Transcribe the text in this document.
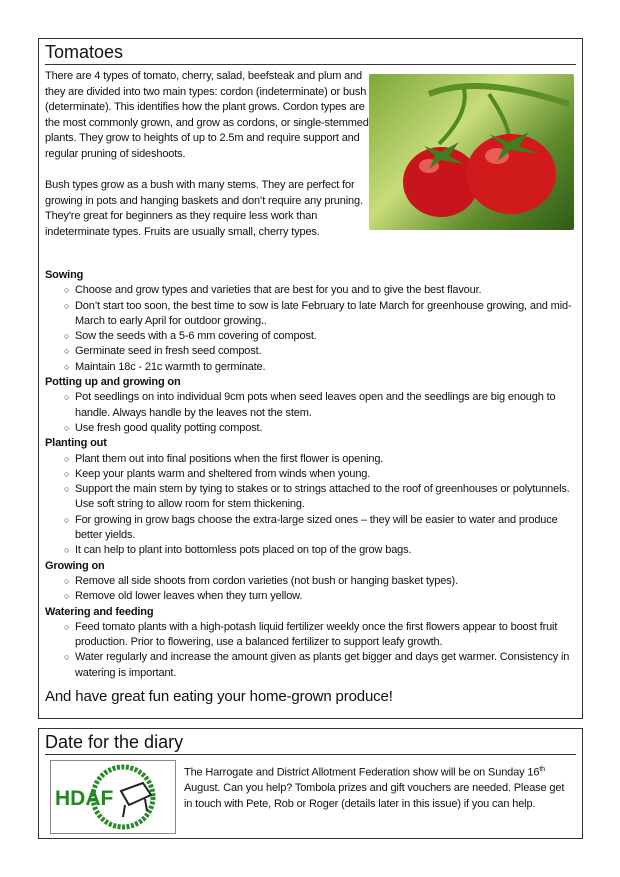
Tomatoes

There are 4 types of tomato, cherry, salad, beefsteak and plum and they are divided into two main types: cordon (indeterminate) or bush (determinate). This identifies how the plant grows. Cordon types are the most commonly grown, and grow as cordons, or single-stemmed plants. They grow to heights of up to 2.5m and require support and regular pruning of sideshoots.

Bush types grow as a bush with many stems. They are perfect for growing in pots and hanging baskets and don’t require any pruning. They're great for beginners as they require less work than indeterminate types. Fruits are usually small, cherry types.

Sowing
○ Choose and grow types and varieties that are best for you and to give the best flavour.
○ Don’t start too soon, the best time to sow is late February to late March for greenhouse growing, and mid-March to early April for outdoor growing..
○ Sow the seeds with a 5-6 mm covering of compost.
○ Germinate seed in fresh seed compost.
○ Maintain 18c - 21c warmth to germinate.
Potting up and growing on
○ Pot seedlings on into individual 9cm pots when seed leaves open and the seedlings are big enough to handle. Always handle by the leaves not the stem.
○ Use fresh good quality potting compost.
Planting out
○ Plant them out into final positions when the first flower is opening.
○ Keep your plants warm and sheltered from winds when young.
○ Support the main stem by tying to stakes or to strings attached to the roof of greenhouses or polytunnels. Use soft string to allow room for stem thickening.
○ For growing in grow bags choose the extra-large sized ones – they will be easier to water and produce better yields.
○ It can help to plant into bottomless pots placed on top of the grow bags.
Growing on
○ Remove all side shoots from cordon varieties (not bush or hanging basket types).
○ Remove old lower leaves when they turn yellow.
Watering and feeding
○ Feed tomato plants with a high-potash liquid fertilizer weekly once the first flowers appear to boost fruit production. Prior to flowering, use a balanced fertilizer to support leafy growth.
○ Water regularly and increase the amount given as plants get bigger and days get warmer. Consistency in watering is important.
And have great fun eating your home-grown produce!
Date for the diary
HDAF
The Harrogate and District Allotment Federation show will be on Sunday 16th August. Can you help? Tombola prizes and gift vouchers are needed. Please get in touch with Pete, Rob or Roger (details later in this issue) if you can help.
